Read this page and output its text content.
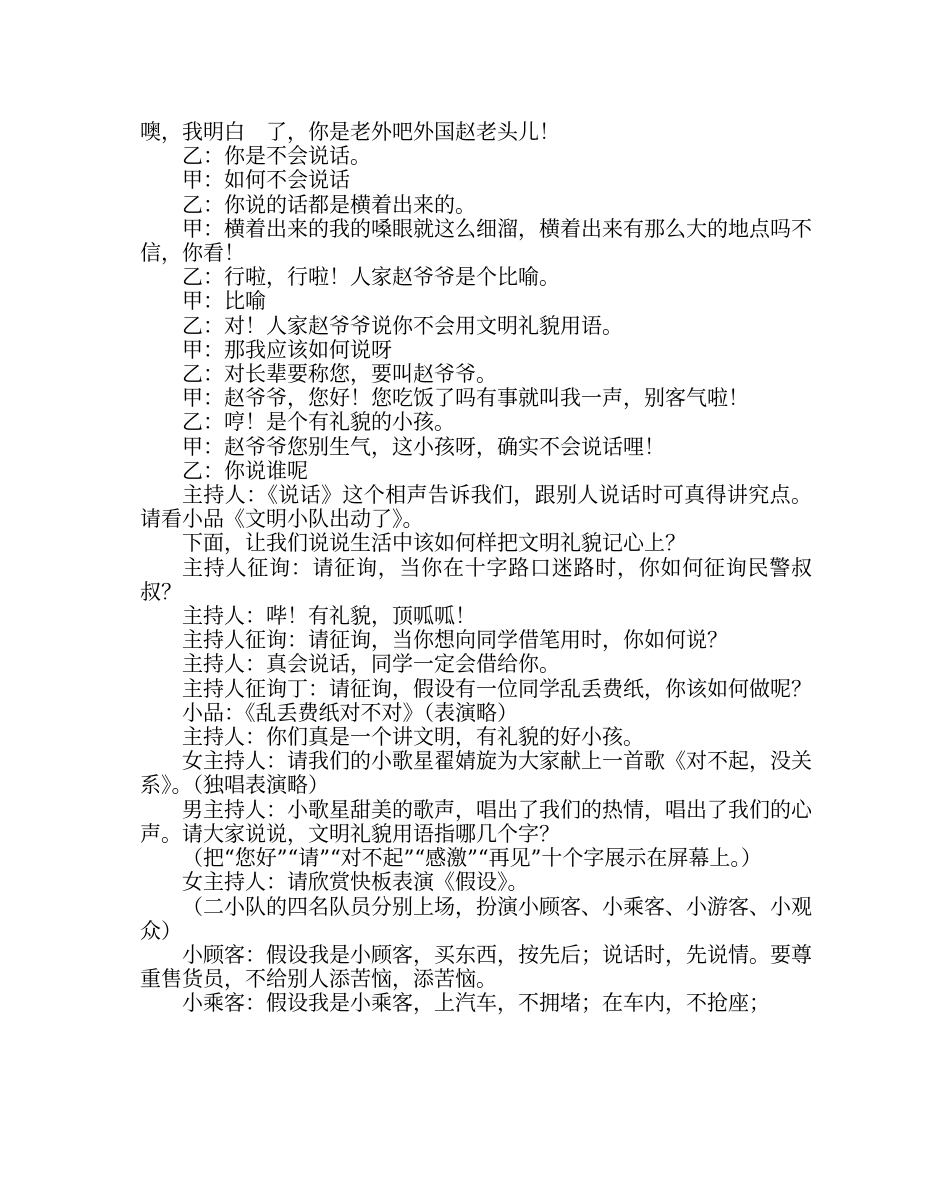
噢，我明白　了，你是老外吧外国赵老头儿！

乙：你是不会说话。

甲：如何不会说话

乙：你说的话都是横着出来的。

甲：横着出来的我的嗓眼就这么细溜，横着出来有那么大的地点吗不信，你看！

乙：行啦，行啦！人家赵爷爷是个比喻。

甲：比喻

乙：对！人家赵爷爷说你不会用文明礼貌用语。

甲：那我应该如何说呀

乙：对长辈要称您，要叫赵爷爷。

甲：赵爷爷，您好！您吃饭了吗有事就叫我一声，别客气啦！

乙：哼！是个有礼貌的小孩。

甲：赵爷爷您别生气，这小孩呀，确实不会说话哩！

乙：你说谁呢

主持人：《说话》这个相声告诉我们，跟别人说话时可真得讲究点。请看小品《文明小队出动了》。

下面，让我们说说生活中该如何样把文明礼貌记心上？

主持人征询：请征询，当你在十字路口迷路时，你如何征询民警叔叔？

主持人：哔！有礼貌，顶呱呱！

主持人征询：请征询，当你想向同学借笔用时，你如何说？

主持人：真会说话，同学一定会借给你。

主持人征询丁：请征询，假设有一位同学乱丢费纸，你该如何做呢？

小品：《乱丢费纸对不对》（表演略）

主持人：你们真是一个讲文明，有礼貌的好小孩。

女主持人：请我们的小歌星翟婧旋为大家献上一首歌《对不起，没关系》。（独唱表演略）

男主持人：小歌星甜美的歌声，唱出了我们的热情，唱出了我们的心声。请大家说说，文明礼貌用语指哪几个字？

（把“您好”“请”“对不起”“感激”“再见”十个字展示在屏幕上。）

女主持人：请欣赏快板表演《假设》。

（二小队的四名队员分别上场，扮演小顾客、小乘客、小游客、小观众）

小顾客：假设我是小顾客，买东西，按先后；说话时，先说情。要尊重售货员，不给别人添苦恼，添苦恼。

小乘客：假设我是小乘客，上汽车，不拥堵；在车内，不抢座；
